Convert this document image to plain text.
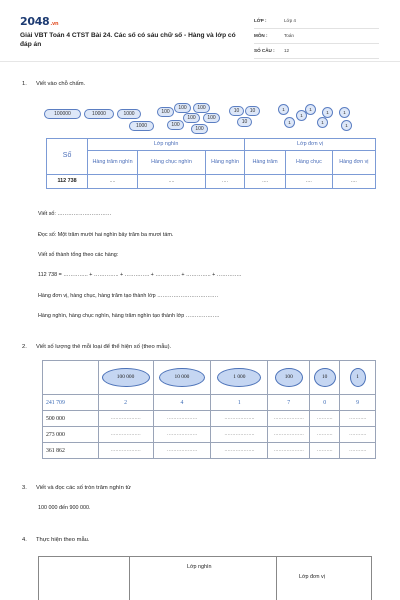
2048.vn
Giải VBT Toán 4 CTST Bài 24. Các số có sáu chữ số - Hàng và lớp có đáp án
LỚP :	Lớp 4
MÔN :	Toán
SỐ CÂU : 12
1. Viết vào chỗ chấm.
100000	10000	1000
1000
100
100	100
100	100
100
100
10	10
10
1
1
1
1
1
1
1
1
Số	Lớp nghìn			Lớp đơn vị		
	Hàng trăm nghìn	Hàng chục nghìn	Hàng nghìn	Hàng trăm	Hàng chục	Hàng đơn vị
112 738	....	....	....	....	....	....
Viết số: …………………………
Đọc số: Một trăm mười hai nghìn bảy trăm ba mươi tám.
Viết số thành tổng theo các hàng:
112 738 = ………….. + ………….. + ………….. + ………….. + ………….. + …………..
Hàng đơn vị, hàng chục, hàng trăm tạo thành lớp …………………………….
Hàng nghìn, hàng chục nghìn, hàng trăm nghìn tạo thành lớp ……………….
2. Viết số lượng thẻ mỗi loại để thể hiện số (theo mẫu).
	100 000	10 000	1 000	100	10	1
241 709	2	4	1	7	0	9
500 000	……………….	……………….	……………….	……………….	……….	………..
273 000	……………….	……………….	……………….	……………….	……….	………..
361 862	……………….	……………….	……………….	……………….	……….	………..
3. Viết và đọc các số tròn trăm nghìn từ
100 000 đến 900 000.
4. Thực hiện theo mẫu.
Lớp nghìn
Lớp đơn vị
